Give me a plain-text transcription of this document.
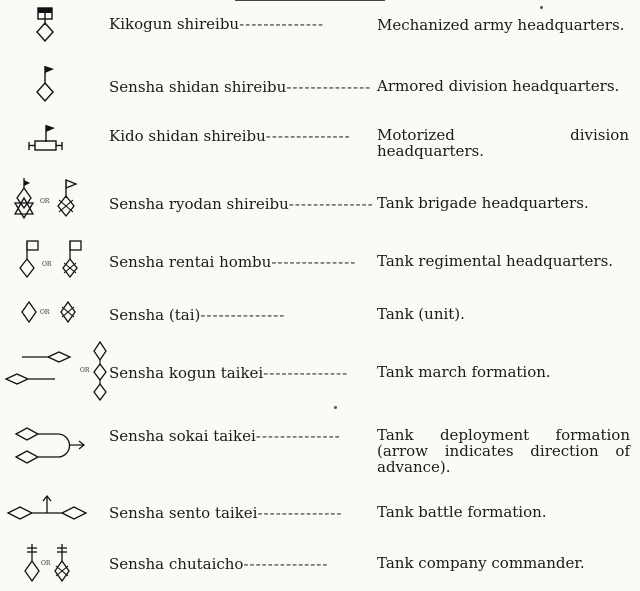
Kikogun shireibu--------------	Mechanized army headquarters.
Sensha shidan shireibu-------------- Armored division headquarters.
Kido shidan shireibu--------------	Motorized division headquarters.
OR	Sensha ryodan shireibu-------------- Tank brigade headquarters.
OR	Sensha rentai hombu-------------- Tank regimental headquarters.
OR	Sensha (tai)--------------	Tank (unit).
OR Sensha kogun taikei--------------	Tank march formation.
Sensha sokai taikei--------------	Tank deployment formation (arrow indicates direction of advance).
Sensha sento taikei--------------	Tank battle formation.
OR	Sensha chutaicho--------------	Tank company commander.
